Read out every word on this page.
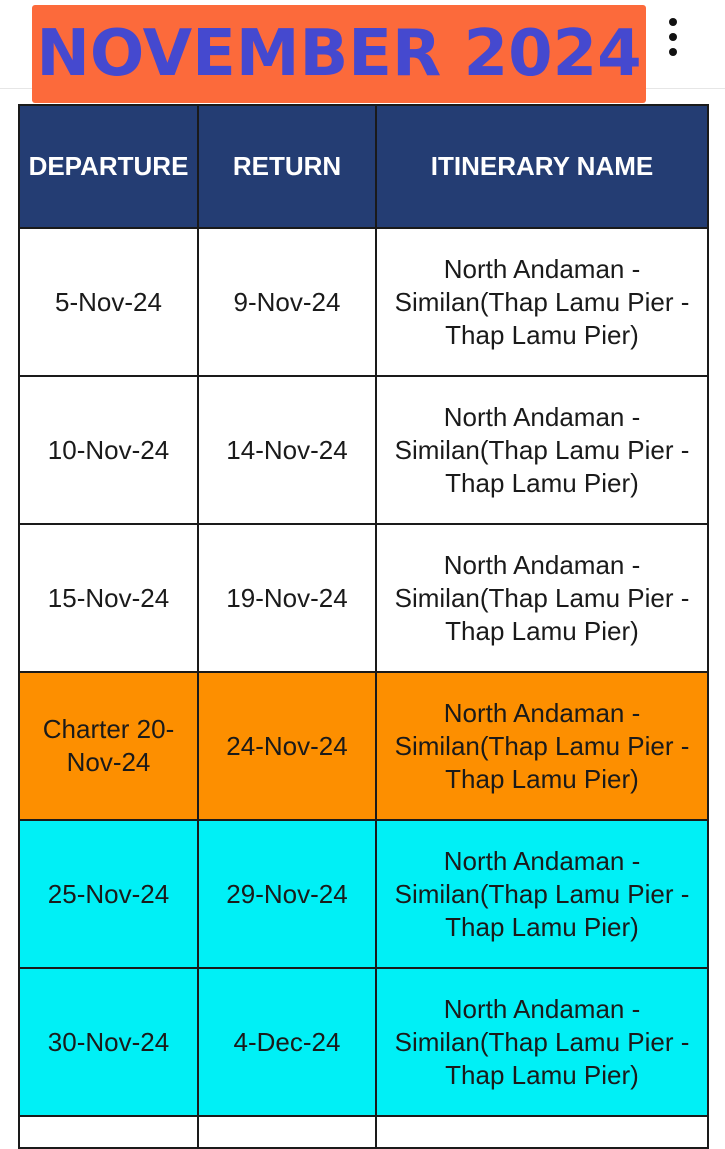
NOVEMBER 2024
DEPARTURE	RETURN	ITINERARY NAME
5-Nov-24	9-Nov-24	North Andaman - Similan(Thap Lamu Pier - Thap Lamu Pier)
10-Nov-24	14-Nov-24	North Andaman - Similan(Thap Lamu Pier - Thap Lamu Pier)
15-Nov-24	19-Nov-24	North Andaman - Similan(Thap Lamu Pier - Thap Lamu Pier)
Charter 20-Nov-24	24-Nov-24	North Andaman - Similan(Thap Lamu Pier - Thap Lamu Pier)
25-Nov-24	29-Nov-24	North Andaman - Similan(Thap Lamu Pier - Thap Lamu Pier)
30-Nov-24	4-Dec-24	North Andaman - Similan(Thap Lamu Pier - Thap Lamu Pier)
